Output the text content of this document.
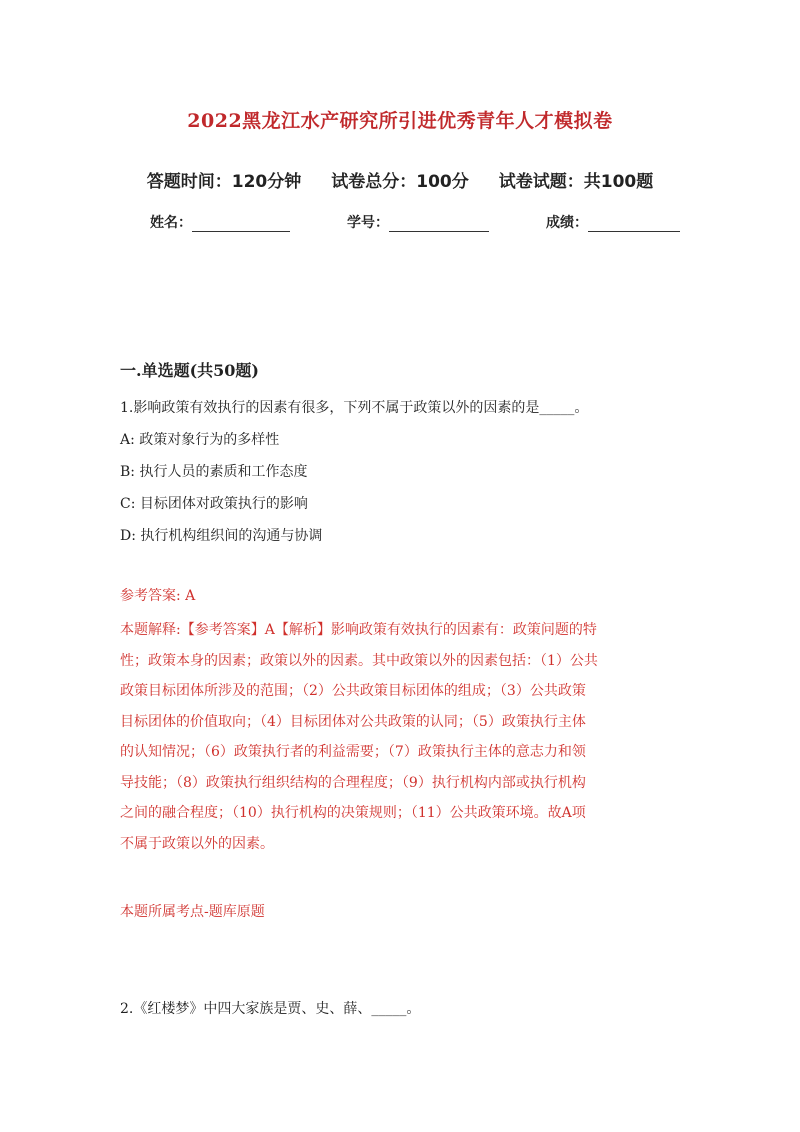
2022黑龙江水产研究所引进优秀青年人才模拟卷
答题时间：120分钟 试卷总分：100分 试卷试题：共100题
姓名：	学号：	成绩：
一.单选题(共50题)

1.影响政策有效执行的因素有很多，下列不属于政策以外的因素的是_____。

A: 政策对象行为的多样性

B: 执行人员的素质和工作态度

C: 目标团体对政策执行的影响

D: 执行机构组织间的沟通与协调

参考答案: A
本题解释:【参考答案】A【解析】影响政策有效执行的因素有：政策问题的特
性；政策本身的因素；政策以外的因素。其中政策以外的因素包括：（1）公共
政策目标团体所涉及的范围；（2）公共政策目标团体的组成；（3）公共政策
目标团体的价值取向；（4）目标团体对公共政策的认同；（5）政策执行主体
的认知情况；（6）政策执行者的利益需要；（7）政策执行主体的意志力和领
导技能；（8）政策执行组织结构的合理程度；（9）执行机构内部或执行机构
之间的融合程度；（10）执行机构的决策规则；（11）公共政策环境。故A项
不属于政策以外的因素。
本题所属考点-题库原题
2.《红楼梦》中四大家族是贾、史、薛、_____。
